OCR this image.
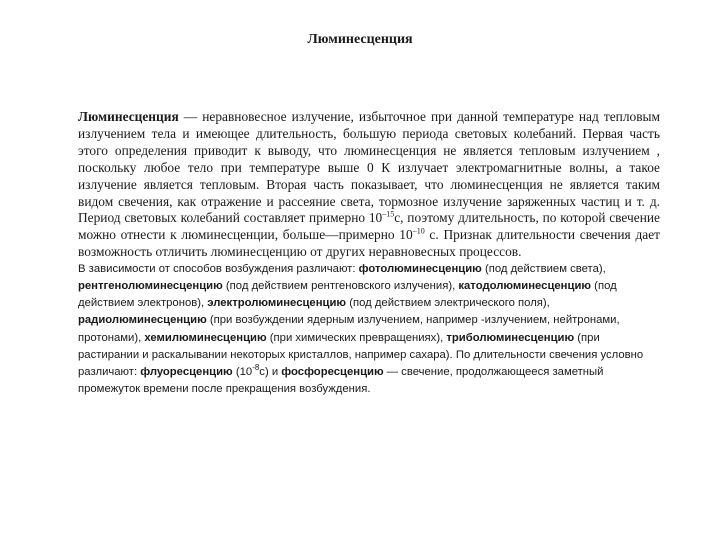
Люминесценция
Люминесценция — неравновесное излучение, избыточное при данной температуре над тепловым излучением тела и имеющее длительность, большую периода световых колебаний. Первая часть этого определения приводит к выводу, что люминесценция не является тепловым излучением , поскольку любое тело при температуре выше 0 К излучает электромагнитные волны, а такое излучение является тепловым. Вторая часть показывает, что люминесценция не является таким видом свечения, как отражение и рассеяние света, тормозное излучение заряженных частиц и т. д. Период световых колебаний составляет примерно $10^{-15}с$, поэтому длительность, по которой свечение можно отнести к люминесценции, больше—примерно $10^{-10}$ с. Признак длительности свечения дает возможность отличить люминесценцию от других неравновесных процессов.
В зависимости от способов возбуждения различают: фотолюминесценцию (под действием света), рентгенолюминесценцию (под действием рентгеновского излучения), катодолюминесценцию (под действием электронов), электролюминесценцию (под действием электрического поля), радиолюминесценцию (при возбуждении ядерным излучением, например -излучением, нейтронами, протонами), хемилюминесценцию (при химических превращениях), триболюминесценцию (при растирании и раскалывании некоторых кристаллов, например сахара). По длительности свечения условно различают: флуоресценцию $(10^{-8}с)$ и фосфоресценцию — свечение, продолжающееся заметный промежуток времени после прекращения возбуждения.
